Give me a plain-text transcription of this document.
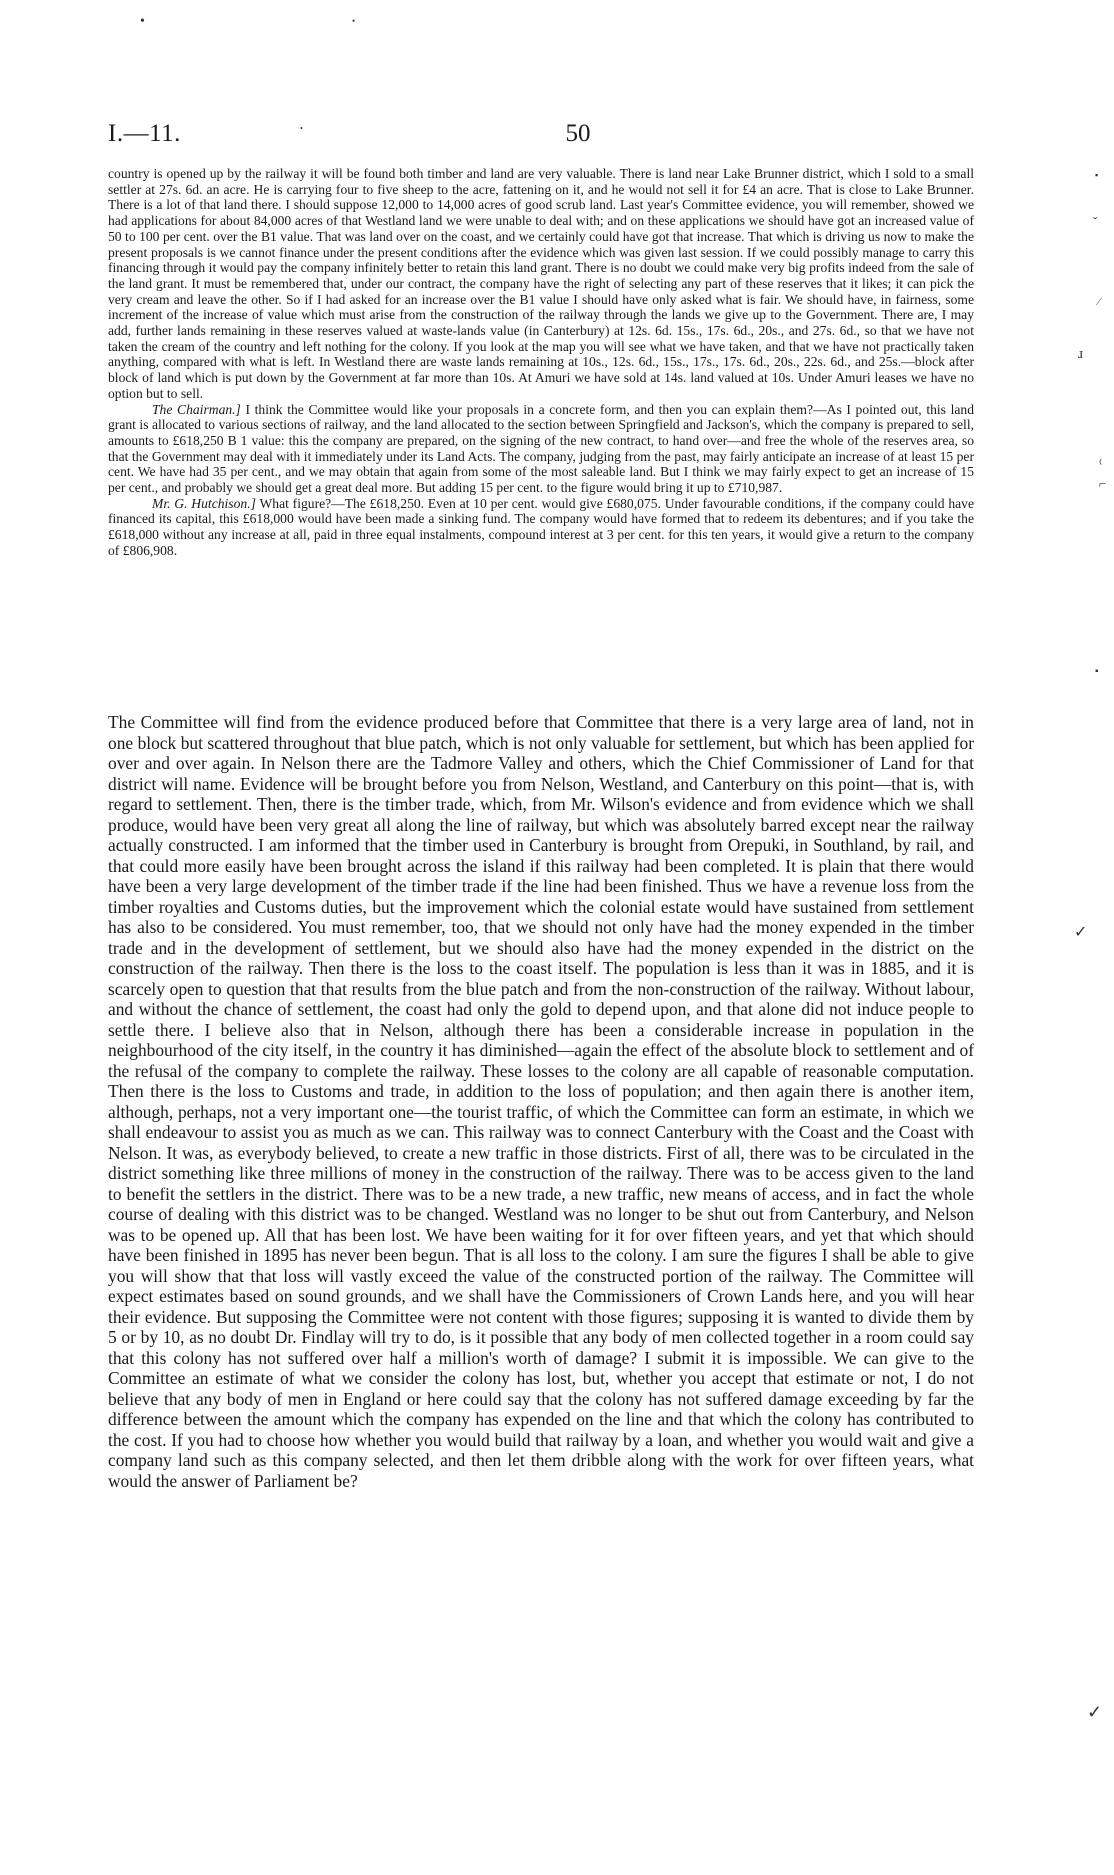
I.—11.	50

country is opened up by the railway it will be found both timber and land are very valuable. There is land near Lake Brunner district, which I sold to a small settler at 27s. 6d. an acre. He is carrying four to five sheep to the acre, fattening on it, and he would not sell it for £4 an acre. That is close to Lake Brunner. There is a lot of that land there. I should suppose 12,000 to 14,000 acres of good scrub land. Last year's Committee evidence, you will remember, showed we had applications for about 84,000 acres of that Westland land we were unable to deal with; and on these applications we should have got an increased value of 50 to 100 per cent. over the B1 value. That was land over on the coast, and we certainly could have got that increase. That which is driving us now to make the present proposals is we cannot finance under the present conditions after the evidence which was given last session. If we could possibly manage to carry this financing through it would pay the company infinitely better to retain this land grant. There is no doubt we could make very big profits indeed from the sale of the land grant. It must be remembered that, under our contract, the company have the right of selecting any part of these reserves that it likes; it can pick the very cream and leave the other. So if I had asked for an increase over the B1 value I should have only asked what is fair. We should have, in fairness, some increment of the increase of value which must arise from the construction of the railway through the lands we give up to the Government. There are, I may add, further lands remaining in these reserves valued at waste-lands value (in Canterbury) at 12s. 6d. 15s., 17s. 6d., 20s., and 27s. 6d., so that we have not taken the cream of the country and left nothing for the colony. If you look at the map you will see what we have taken, and that we have not practically taken anything, compared with what is left. In Westland there are waste lands remaining at 10s., 12s. 6d., 15s., 17s., 17s. 6d., 20s., 22s. 6d., and 25s.—block after block of land which is put down by the Government at far more than 10s. At Amuri we have sold at 14s. land valued at 10s. Under Amuri leases we have no option but to sell.

The Chairman.] I think the Committee would like your proposals in a concrete form, and then you can explain them?—As I pointed out, this land grant is allocated to various sections of railway, and the land allocated to the section between Springfield and Jackson's, which the company is prepared to sell, amounts to £618,250 B 1 value: this the company are prepared, on the signing of the new contract, to hand over—and free the whole of the reserves area, so that the Government may deal with it immediately under its Land Acts. The company, judging from the past, may fairly anticipate an increase of at least 15 per cent. We have had 35 per cent., and we may obtain that again from some of the most saleable land. But I think we may fairly expect to get an increase of 15 per cent., and probably we should get a great deal more. But adding 15 per cent. to the figure would bring it up to £710,987.

Mr. G. Hutchison.] What figure?—The £618,250. Even at 10 per cent. would give £680,075. Under favourable conditions, if the company could have financed its capital, this £618,000 would have been made a sinking fund. The company would have formed that to redeem its debentures; and if you take the £618,000 without any increase at all, paid in three equal instalments, compound interest at 3 per cent. for this ten years, it would give a return to the company of £806,908.

The Committee will find from the evidence produced before that Committee that there is a very large area of land, not in one block but scattered throughout that blue patch, which is not only valuable for settlement, but which has been applied for over and over again. In Nelson there are the Tadmore Valley and others, which the Chief Commissioner of Land for that district will name. Evidence will be brought before you from Nelson, Westland, and Canterbury on this point—that is, with regard to settlement. Then, there is the timber trade, which, from Mr. Wilson's evidence and from evidence which we shall produce, would have been very great all along the line of railway, but which was absolutely barred except near the railway actually constructed. I am informed that the timber used in Canterbury is brought from Orepuki, in Southland, by rail, and that could more easily have been brought across the island if this railway had been completed. It is plain that there would have been a very large development of the timber trade if the line had been finished. Thus we have a revenue loss from the timber royalties and Customs duties, but the improvement which the colonial estate would have sustained from settlement has also to be considered. You must remember, too, that we should not only have had the money expended in the timber trade and in the development of settlement, but we should also have had the money expended in the district on the construction of the railway. Then there is the loss to the coast itself. The population is less than it was in 1885, and it is scarcely open to question that that results from the blue patch and from the non-construction of the railway. Without labour, and without the chance of settlement, the coast had only the gold to depend upon, and that alone did not induce people to settle there. I believe also that in Nelson, although there has been a considerable increase in population in the neighbourhood of the city itself, in the country it has diminished—again the effect of the absolute block to settlement and of the refusal of the company to complete the railway. These losses to the colony are all capable of reasonable computation. Then there is the loss to Customs and trade, in addition to the loss of population; and then again there is another item, although, perhaps, not a very important one—the tourist traffic, of which the Committee can form an estimate, in which we shall endeavour to assist you as much as we can. This railway was to connect Canterbury with the Coast and the Coast with Nelson. It was, as everybody believed, to create a new traffic in those districts. First of all, there was to be circulated in the district something like three millions of money in the construction of the railway. There was to be access given to the land to benefit the settlers in the district. There was to be a new trade, a new traffic, new means of access, and in fact the whole course of dealing with this district was to be changed. Westland was no longer to be shut out from Canterbury, and Nelson was to be opened up. All that has been lost. We have been waiting for it for over fifteen years, and yet that which should have been finished in 1895 has never been begun. That is all loss to the colony. I am sure the figures I shall be able to give you will show that that loss will vastly exceed the value of the constructed portion of the railway. The Committee will expect estimates based on sound grounds, and we shall have the Commissioners of Crown Lands here, and you will hear their evidence. But supposing the Committee were not content with those figures; supposing it is wanted to divide them by 5 or by 10, as no doubt Dr. Findlay will try to do, is it possible that any body of men collected together in a room could say that this colony has not suffered over half a million's worth of damage? I submit it is impossible. We can give to the Committee an estimate of what we consider the colony has lost, but, whether you accept that estimate or not, I do not believe that any body of men in England or here could say that the colony has not suffered damage exceeding by far the difference between the amount which the company has expended on the line and that which the colony has contributed to the cost. If you had to choose how whether you would build that railway by a loan, and whether you would wait and give a company land such as this company selected, and then let them dribble along with the work for over fifteen years, what would the answer of Parliament be?

•	•
•
▪
ˇ
⁄
ɹ
⁽
⌐
▪
✓
✓
